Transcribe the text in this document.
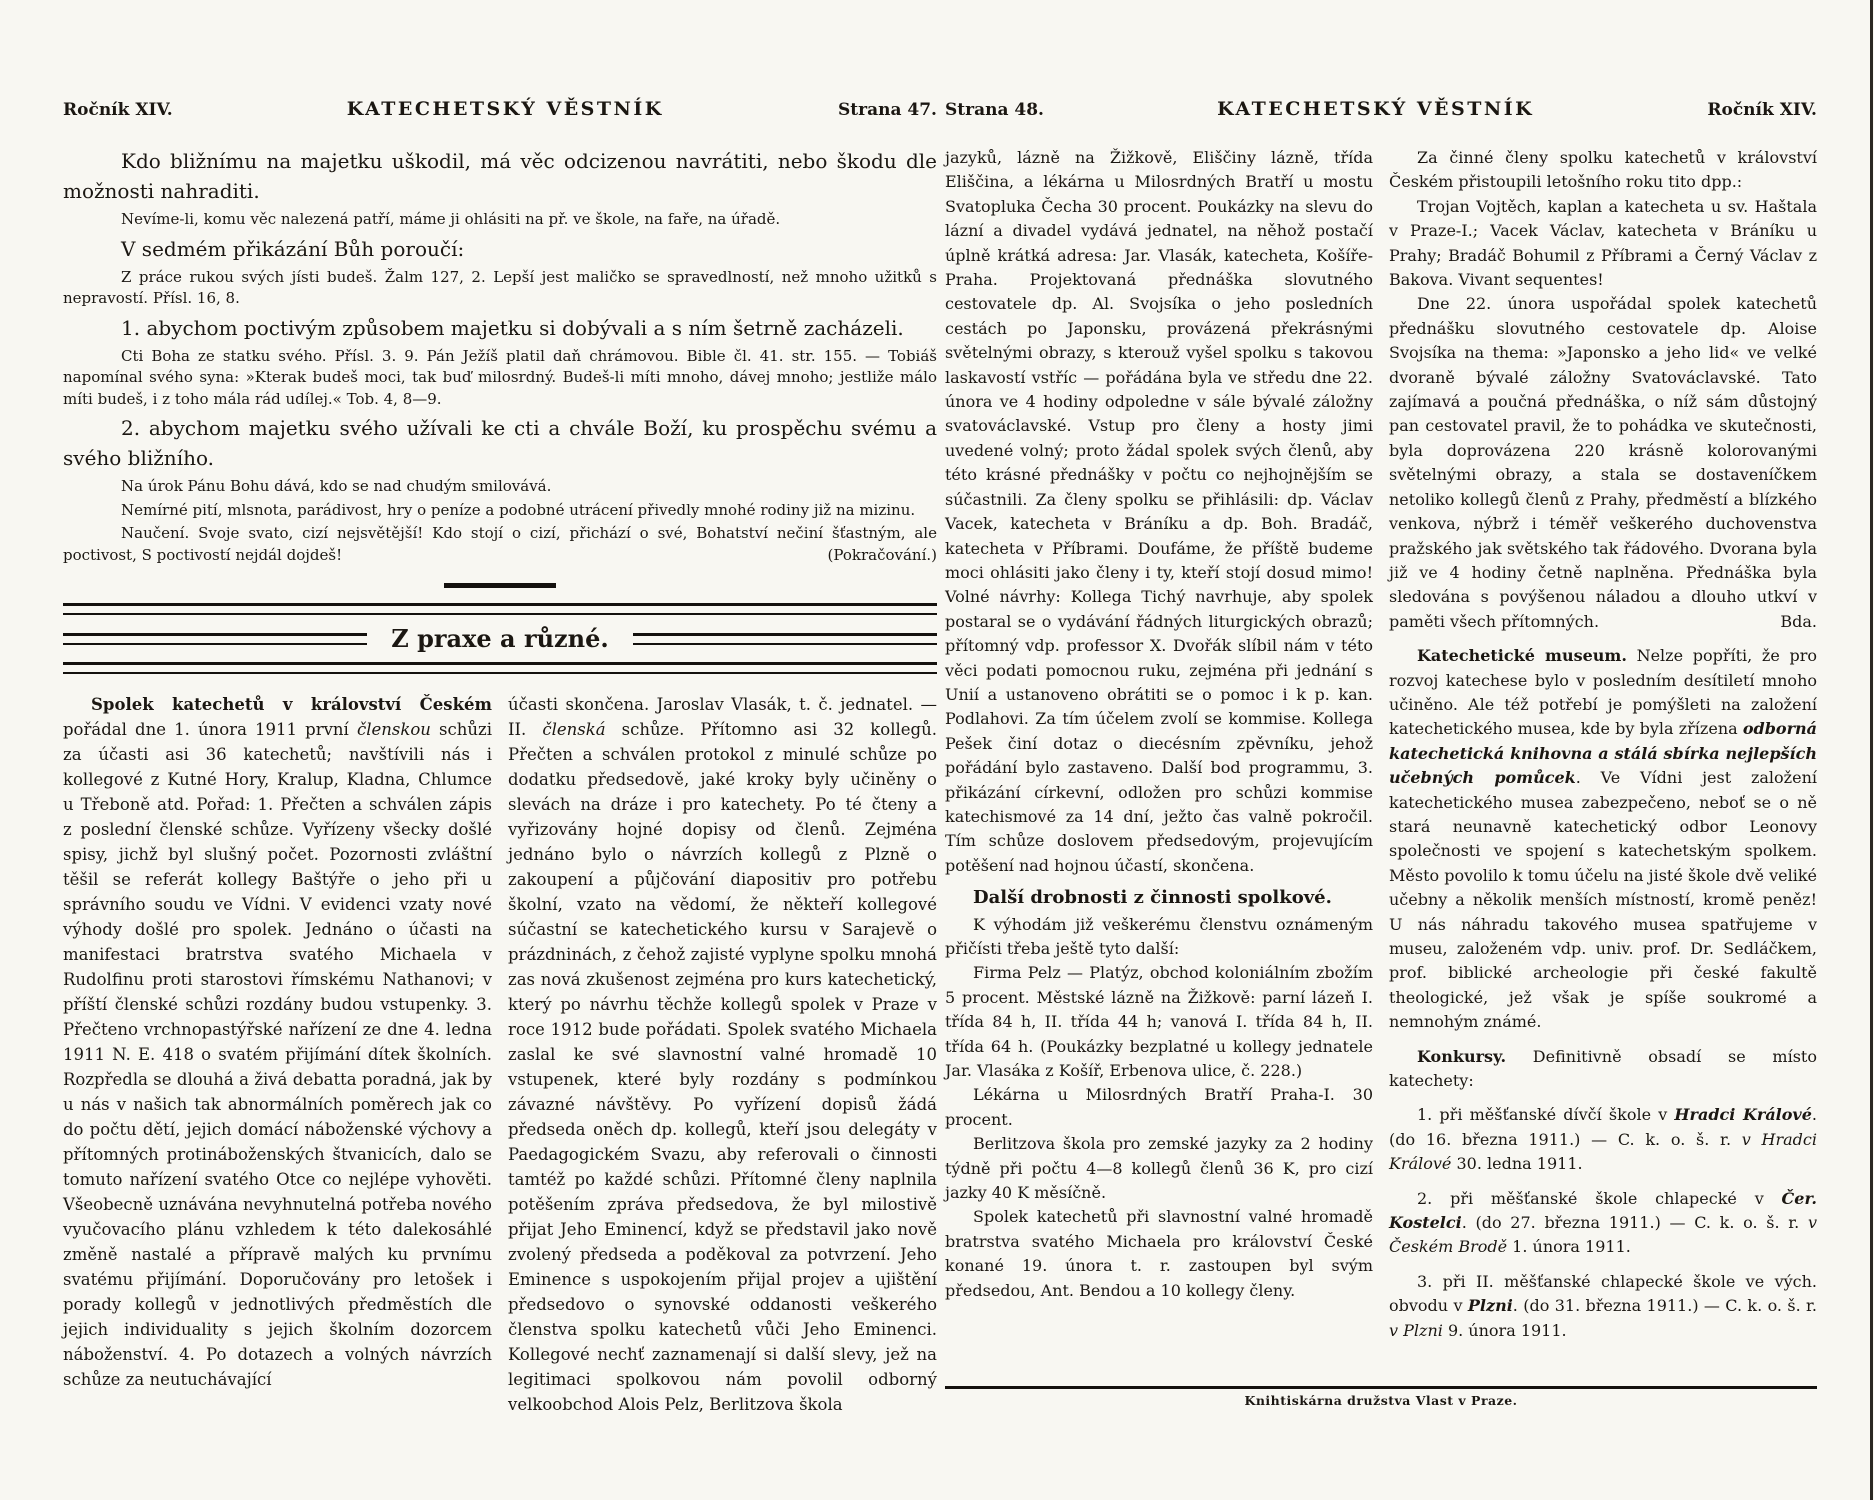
Ročník XIV.	KATECHETSKÝ VĚSTNÍK	Strana 47.

Kdo bližnímu na majetku uškodil, má věc odcizenou navrátiti, nebo škodu dle možnosti nahraditi.

Nevíme-li, komu věc nalezená patří, máme ji ohlásiti na př. ve škole, na faře, na úřadě.

V sedmém přikázání Bůh poroučí:

Z práce rukou svých jísti budeš. Žalm 127, 2. Lepší jest maličko se spravedlností, než mnoho užitků s nepravostí. Přísl. 16, 8.

1. abychom poctivým způsobem majetku si dobývali a s ním šetrně zacházeli.

Cti Boha ze statku svého. Přísl. 3. 9. Pán Ježíš platil daň chrámovou. Bible čl. 41. str. 155. — Tobiáš napomínal svého syna: »Kterak budeš moci, tak buď milosrdný. Budeš-li míti mnoho, dávej mnoho; jestliže málo míti budeš, i z toho mála rád udílej.« Tob. 4, 8—9.

2. abychom majetku svého užívali ke cti a chvále Boží, ku prospěchu svému a svého bližního.

Na úrok Pánu Bohu dává, kdo se nad chudým smilovává.

Nemírné pití, mlsnota, parádivost, hry o peníze a podobné utrácení přivedly mnohé rodiny již na mizinu.

Naučení. Svoje svato, cizí nejsvětější! Kdo stojí o cizí, přichází o své, Bohatství nečiní šťastným, ale poctivost, S poctivostí nejdál dojdeš!	(Pokračování.)

Z praxe a různé.

Spolek katechetů v království Českém pořádal dne 1. února 1911 první členskou schůzi za účasti asi 36 katechetů; navštívili nás i kollegové z Kutné Hory, Kralup, Kladna, Chlumce u Třeboně atd. Pořad: 1. Přečten a schválen zápis z poslední členské schůze. Vyřízeny všecky došlé spisy, jichž byl slušný počet. Pozornosti zvláštní těšil se referát kollegy Baštýře o jeho při u správního soudu ve Vídni. V evidenci vzaty nové výhody došlé pro spolek. Jednáno o účasti na manifestaci bratrstva svatého Michaela v Rudolfinu proti starostovi římskému Nathanovi; v příští členské schůzi rozdány budou vstupenky. 3. Přečteno vrchnopastýřské nařízení ze dne 4. ledna 1911 N. E. 418 o svatém přijímání dítek školních. Rozpředla se dlouhá a živá debatta poradná, jak by u nás v našich tak abnormálních poměrech jak co do počtu dětí, jejich domácí náboženské výchovy a přítomných protináboženských štvanicích, dalo se tomuto nařízení svatého Otce co nejlépe vyhověti. Všeobecně uznávána nevyhnutelná potřeba nového vyučovacího plánu vzhledem k této dalekosáhlé změně nastalé a přípravě malých ku prvnímu svatému přijímání. Doporučovány pro letošek i porady kollegů v jednotlivých předměstích dle jejich individuality s jejich školním dozorcem náboženství. 4. Po dotazech a volných návrzích schůze za neutuchávající

účasti skončena. Jaroslav Vlasák, t. č. jednatel. — II. členská schůze. Přítomno asi 32 kollegů. Přečten a schválen protokol z minulé schůze po dodatku předsedově, jaké kroky byly učiněny o slevách na dráze i pro katechety. Po té čteny a vyřizovány hojné dopisy od členů. Zejména jednáno bylo o návrzích kollegů z Plzně o zakoupení a půjčování diapositiv pro potřebu školní, vzato na vědomí, že někteří kollegové súčastní se katechetického kursu v Sarajevě o prázdninách, z čehož zajisté vyplyne spolku mnohá zas nová zkušenost zejména pro kurs katechetický, který po návrhu těchže kollegů spolek v Praze v roce 1912 bude pořádati. Spolek svatého Michaela zaslal ke své slavnostní valné hromadě 10 vstupenek, které byly rozdány s podmínkou závazné návštěvy. Po vyřízení dopisů žádá předseda oněch dp. kollegů, kteří jsou delegáty v Paedagogickém Svazu, aby referovali o činnosti tamtéž po každé schůzi. Přítomné členy naplnila potěšením zpráva předsedova, že byl milostivě přijat Jeho Eminencí, když se představil jako nově zvolený předseda a poděkoval za potvrzení. Jeho Eminence s uspokojením přijal projev a ujištění předsedovo o synovské oddanosti veškerého členstva spolku katechetů vůči Jeho Eminenci. Kollegové nechť zaznamenají si další slevy, jež na legitimaci spolkovou nám povolil odborný velkoobchod Alois Pelz, Berlitzova škola

Strana 48.	KATECHETSKÝ VĚSTNÍK	Ročník XIV.

jazyků, lázně na Žižkově, Eliščiny lázně, třída Eliščina, a lékárna u Milosrdných Bratří u mostu Svatopluka Čecha 30 procent. Poukázky na slevu do lázní a divadel vydává jednatel, na něhož postačí úplně krátká adresa: Jar. Vlasák, katecheta, Košíře-Praha. Projektovaná přednáška slovutného cestovatele dp. Al. Svojsíka o jeho posledních cestách po Japonsku, provázená překrásnými světelnými obrazy, s kterouž vyšel spolku s takovou laskavostí vstříc — pořádána byla ve středu dne 22. února ve 4 hodiny odpoledne v sále bývalé záložny svatováclavské. Vstup pro členy a hosty jimi uvedené volný; proto žádal spolek svých členů, aby této krásné přednášky v počtu co nejhojnějším se súčastnili. Za členy spolku se přihlásili: dp. Václav Vacek, katecheta v Bráníku a dp. Boh. Bradáč, katecheta v Příbrami. Doufáme, že příště budeme moci ohlásiti jako členy i ty, kteří stojí dosud mimo! Volné návrhy: Kollega Tichý navrhuje, aby spolek postaral se o vydávání řádných liturgických obrazů; přítomný vdp. professor X. Dvořák slíbil nám v této věci podati pomocnou ruku, zejména při jednání s Unií a ustanoveno obrátiti se o pomoc i k p. kan. Podlahovi. Za tím účelem zvolí se kommise. Kollega Pešek činí dotaz o diecésním zpěvníku, jehož pořádání bylo zastaveno. Další bod programmu, 3. přikázání církevní, odložen pro schůzi kommise katechismové za 14 dní, ježto čas valně pokročil. Tím schůze doslovem předsedovým, projevujícím potěšení nad hojnou účastí, skončena.

Další drobnosti z činnosti spolkové.

K výhodám již veškerému členstvu oznámeným přičísti třeba ještě tyto další:

Firma Pelz — Platýz, obchod koloniálním zbožím 5 procent. Městské lázně na Žižkově: parní lázeň I. třída 84 h, II. třída 44 h; vanová I. třída 84 h, II. třída 64 h. (Poukázky bezplatné u kollegy jednatele Jar. Vlasáka z Košíř, Erbenova ulice, č. 228.)

Lékárna u Milosrdných Bratří Praha-I. 30 procent.

Berlitzova škola pro zemské jazyky za 2 hodiny týdně při počtu 4—8 kollegů členů 36 K, pro cizí jazky 40 K měsíčně.

Spolek katechetů při slavnostní valné hromadě bratrstva svatého Michaela pro království České konané 19. února t. r. zastoupen byl svým předsedou, Ant. Bendou a 10 kollegy členy.

Za činné členy spolku katechetů v království Českém přistoupili letošního roku tito dpp.:

Trojan Vojtěch, kaplan a katecheta u sv. Haštala v Praze-I.; Vacek Václav, katecheta v Bráníku u Prahy; Bradáč Bohumil z Příbrami a Černý Václav z Bakova. Vivant sequentes!

Dne 22. února uspořádal spolek katechetů přednášku slovutného cestovatele dp. Aloise Svojsíka na thema: »Japonsko a jeho lid« ve velké dvoraně bývalé záložny Svatováclavské. Tato zajímavá a poučná přednáška, o níž sám důstojný pan cestovatel pravil, že to pohádka ve skutečnosti, byla doprovázena 220 krásně kolorovanými světelnými obrazy, a stala se dostaveníčkem netoliko kollegů členů z Prahy, předměstí a blízkého venkova, nýbrž i téměř veškerého duchovenstva pražského jak světského tak řádového. Dvorana byla již ve 4 hodiny četně naplněna. Přednáška byla sledována s povýšenou náladou a dlouho utkví v paměti všech přítomných.	Bda.

Katechetické museum. Nelze popříti, že pro rozvoj katechese bylo v posledním desítiletí mnoho učiněno. Ale též potřebí je pomýšleti na založení katechetického musea, kde by byla zřízena odborná katechetická knihovna a stálá sbírka nejlepších učebných pomůcek. Ve Vídni jest založení katechetického musea zabezpečeno, neboť se o ně stará neunavně katechetický odbor Leonovy společnosti ve spojení s katechetským spolkem. Město povolilo k tomu účelu na jisté škole dvě veliké učebny a několik menších místností, kromě peněz! U nás náhradu takového musea spatřujeme v museu, založeném vdp. univ. prof. Dr. Sedláčkem, prof. biblické archeologie při české fakultě theologické, jež však je spíše soukromé a nemnohým známé.

Konkursy. Definitivně obsadí se místo katechety:

1. při měšťanské dívčí škole v Hradci Králové. (do 16. března 1911.) — C. k. o. š. r. v Hradci Králové 30. ledna 1911.

2. při měšťanské škole chlapecké v Čer. Kostelci. (do 27. března 1911.) — C. k. o. š. r. v Českém Brodě 1. února 1911.

3. při II. měšťanské chlapecké škole ve vých. obvodu v Plzni. (do 31. března 1911.) — C. k. o. š. r. v Plzni 9. února 1911.

Knihtiskárna družstva Vlast v Praze.
